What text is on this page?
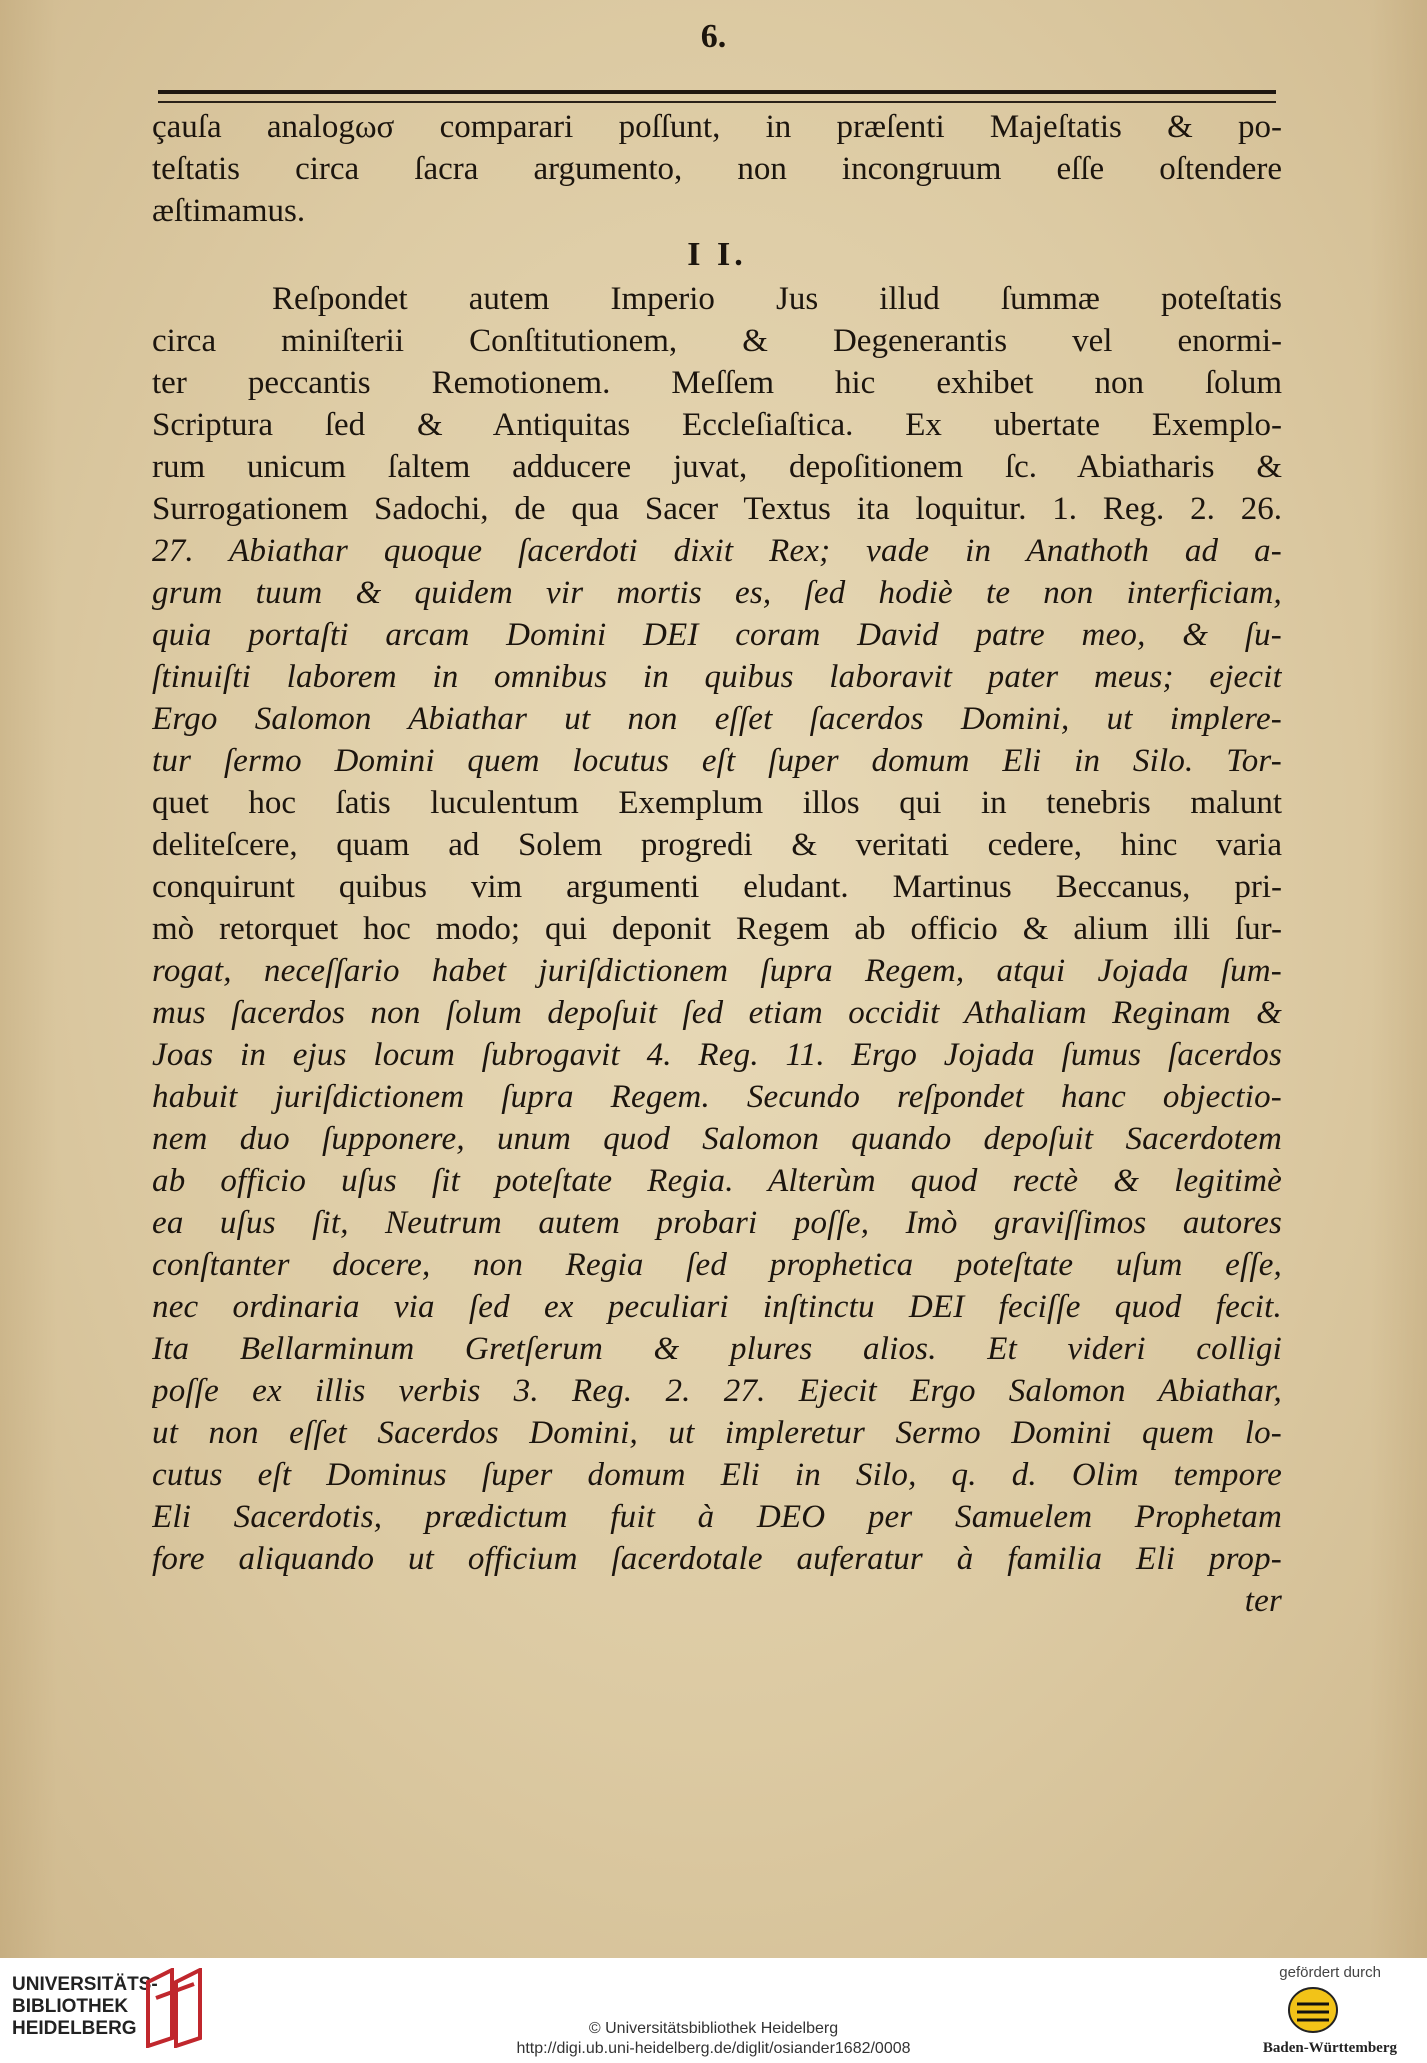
6.
çauſa analogωσ comparari poſſunt, in præſenti Majeſtatis & po-
teſtatis circa ſacra argumento, non incongruum eſſe oſtendere
æſtimamus.
I I.
Reſpondet autem Imperio Jus illud ſummæ poteſtatis
circa miniſterii Conſtitutionem, & Degenerantis vel enormi-
ter peccantis Remotionem. Meſſem hic exhibet non ſolum
Scriptura ſed & Antiquitas Eccleſiaſtica. Ex ubertate Exemplo-
rum unicum ſaltem adducere juvat, depoſitionem ſc. Abiatharis &
Surrogationem Sadochi, de qua Sacer Textus ita loquitur. 1. Reg. 2. 26.
27. Abiathar quoque ſacerdoti dixit Rex; vade in Anathoth ad a-
grum tuum & quidem vir mortis es, ſed hodiè te non interficiam,
quia portaſti arcam Domini DEI coram David patre meo, & ſu-
ſtinuiſti laborem in omnibus in quibus laboravit pater meus; ejecit
Ergo Salomon Abiathar ut non eſſet ſacerdos Domini, ut implere-
tur ſermo Domini quem locutus eſt ſuper domum Eli in Silo. Tor-
quet hoc ſatis luculentum Exemplum illos qui in tenebris malunt
deliteſcere, quam ad Solem progredi & veritati cedere, hinc varia
conquirunt quibus vim argumenti eludant. Martinus Beccanus, pri-
mò retorquet hoc modo; qui deponit Regem ab officio & alium illi ſur-
rogat, neceſſario habet juriſdictionem ſupra Regem, atqui Jojada ſum-
mus ſacerdos non ſolum depoſuit ſed etiam occidit Athaliam Reginam &
Joas in ejus locum ſubrogavit 4. Reg. 11. Ergo Jojada ſumus ſacerdos
habuit juriſdictionem ſupra Regem. Secundo reſpondet hanc objectio-
nem duo ſupponere, unum quod Salomon quando depoſuit Sacerdotem
ab officio uſus ſit poteſtate Regia. Alterùm quod rectè & legitimè
ea uſus ſit, Neutrum autem probari poſſe, Imò graviſſimos autores
conſtanter docere, non Regia ſed prophetica poteſtate uſum eſſe,
nec ordinaria via ſed ex peculiari inſtinctu DEI feciſſe quod fecit.
Ita Bellarminum Gretſerum & plures alios. Et videri colligi
poſſe ex illis verbis 3. Reg. 2. 27. Ejecit Ergo Salomon Abiathar,
ut non eſſet Sacerdos Domini, ut impleretur Sermo Domini quem lo-
cutus eſt Dominus ſuper domum Eli in Silo, q. d. Olim tempore
Eli Sacerdotis, prædictum fuit à DEO per Samuelem Prophetam
fore aliquando ut officium ſacerdotale auferatur à familia Eli prop-
ter
UNIVERSITÄTS-
BIBLIOTHEK
HEIDELBERG	© Universitätsbibliothek Heidelberg
http://digi.ub.uni-heidelberg.de/diglit/osiander1682/0008
gefördert durch
Baden-Württemberg
